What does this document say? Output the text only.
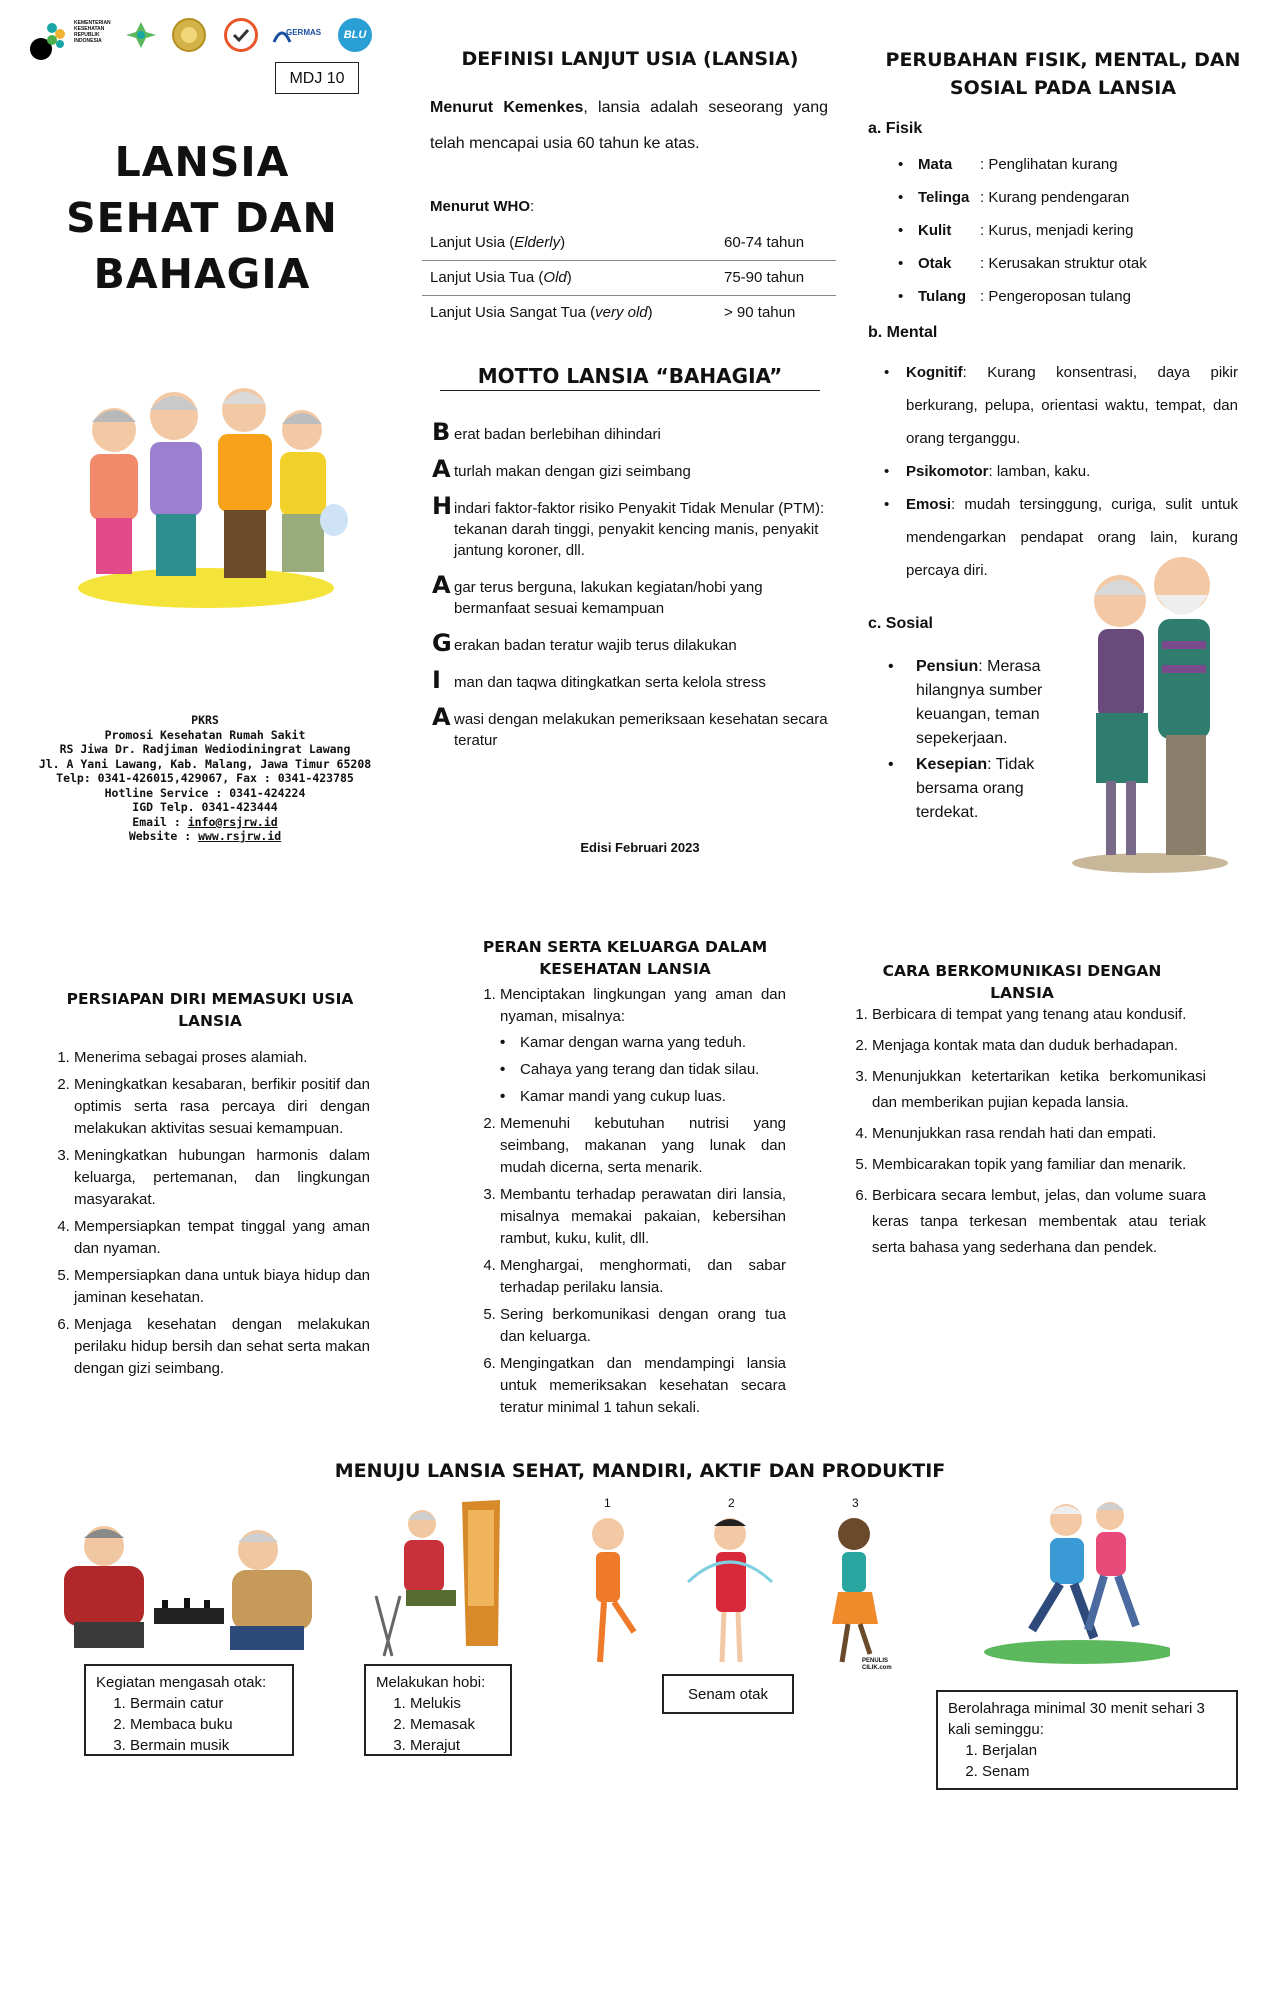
KEMENTERIAN KESEHATAN REPUBLIK INDONESIA
GERMAS	BLU
MDJ 10
LANSIA
SEHAT DAN
BAHAGIA
PKRS
Promosi Kesehatan Rumah Sakit
RS Jiwa Dr. Radjiman Wediodiningrat Lawang
Jl. A Yani Lawang, Kab. Malang, Jawa Timur 65208
Telp: 0341-426015,429067, Fax : 0341-423785
Hotline Service : 0341-424224
IGD Telp. 0341-423444
Email : info@rsjrw.id
Website : www.rsjrw.id
DEFINISI LANJUT USIA (LANSIA)
Menurut Kemenkes, lansia adalah seseorang yang telah mencapai usia 60 tahun ke atas.
Menurut WHO:
Lanjut Usia (Elderly)	60-74 tahun
Lanjut Usia Tua (Old)	75-90 tahun
Lanjut Usia Sangat Tua (very old)	> 90 tahun
MOTTO LANSIA “BAHAGIA”
B erat badan berlebihan dihindari
A turlah makan dengan gizi seimbang
H indari faktor-faktor risiko Penyakit Tidak Menular (PTM): tekanan darah tinggi, penyakit kencing manis, penyakit jantung koroner, dll.
A gar terus berguna, lakukan kegiatan/hobi yang bermanfaat sesuai kemampuan
G erakan badan teratur wajib terus dilakukan
I man dan taqwa ditingkatkan serta kelola stress
A wasi dengan melakukan pemeriksaan kesehatan secara teratur
Edisi Februari 2023
PERUBAHAN FISIK, MENTAL, DAN
SOSIAL PADA LANSIA
a. Fisik
• Mata	: Penglihatan kurang
• Telinga : Kurang pendengaran
• Kulit	: Kurus, menjadi kering
• Otak	: Kerusakan struktur otak
• Tulang : Pengeroposan tulang
b. Mental
•	Kognitif: Kurang konsentrasi, daya pikir berkurang, pelupa, orientasi waktu, tempat, dan orang terganggu.
•	Psikomotor: lamban, kaku.
•	Emosi: mudah tersinggung, curiga, sulit untuk mendengarkan pendapat orang lain, kurang percaya diri.
c. Sosial
•	Pensiun: Merasa hilangnya sumber keuangan, teman sepekerjaan.
•	Kesepian: Tidak bersama orang terdekat.
PERSIAPAN DIRI MEMASUKI USIA
LANSIA
1. Menerima sebagai proses alamiah.
2. Meningkatkan kesabaran, berfikir positif dan optimis serta rasa percaya diri dengan melakukan aktivitas sesuai kemampuan.
3. Meningkatkan hubungan harmonis dalam keluarga, pertemanan, dan lingkungan masyarakat.
4. Mempersiapkan tempat tinggal yang aman dan nyaman.
5. Mempersiapkan dana untuk biaya hidup dan jaminan kesehatan.
6. Menjaga kesehatan dengan melakukan perilaku hidup bersih dan sehat serta makan dengan gizi seimbang.
PERAN SERTA KELUARGA DALAM
KESEHATAN LANSIA
1. Menciptakan lingkungan yang aman dan nyaman, misalnya:
• Kamar dengan warna yang teduh.
• Cahaya yang terang dan tidak silau.
• Kamar mandi yang cukup luas.
2. Memenuhi kebutuhan nutrisi yang seimbang, makanan yang lunak dan mudah dicerna, serta menarik.
3. Membantu terhadap perawatan diri lansia, misalnya memakai pakaian, kebersihan rambut, kuku, kulit, dll.
4. Menghargai, menghormati, dan sabar terhadap perilaku lansia.
5. Sering berkomunikasi dengan orang tua dan keluarga.
6. Mengingatkan dan mendampingi lansia untuk memeriksakan kesehatan secara teratur minimal 1 tahun sekali.
CARA BERKOMUNIKASI DENGAN LANSIA
1. Berbicara di tempat yang tenang atau kondusif.
2. Menjaga kontak mata dan duduk berhadapan.
3. Menunjukkan ketertarikan ketika berkomunikasi dan memberikan pujian kepada lansia.
4. Menunjukkan rasa rendah hati dan empati.
5. Membicarakan topik yang familiar dan menarik.
6. Berbicara secara lembut, jelas, dan volume suara keras tanpa terkesan membentak atau teriak serta bahasa yang sederhana dan pendek.
MENUJU LANSIA SEHAT, MANDIRI, AKTIF DAN PRODUKTIF
Kegiatan mengasah otak:
1. Bermain catur
2. Membaca buku
3. Bermain musik
Melakukan hobi:
1. Melukis
2. Memasak
3. Merajut
1	2	3
PENULIS CILIK.com
Senam otak
Berolahraga minimal 30 menit sehari 3 kali seminggu:
1. Berjalan
2. Senam
